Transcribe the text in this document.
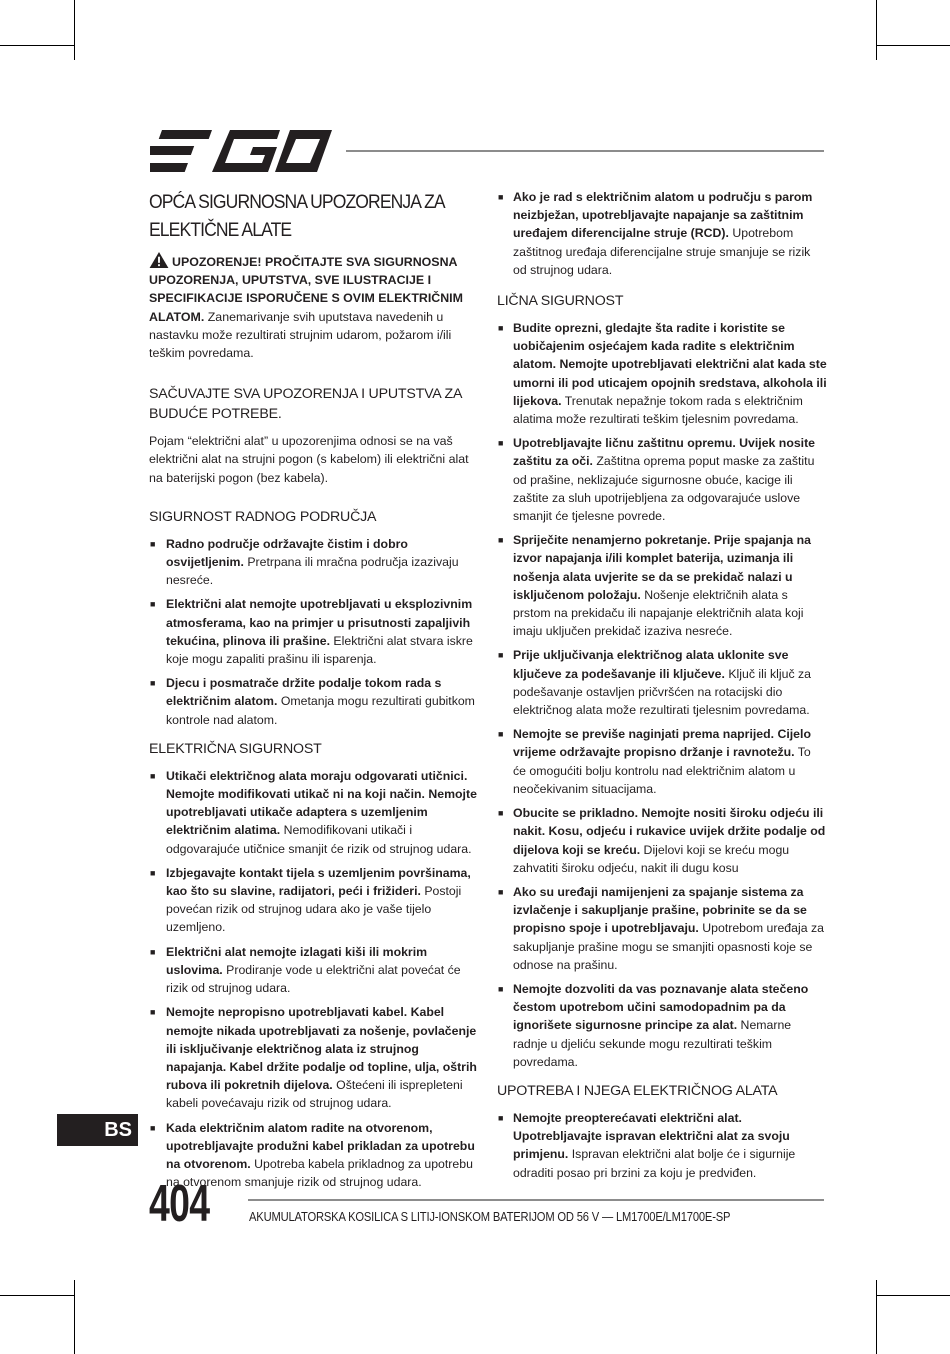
OPĆA SIGURNOSNA UPOZORENJA ZA ELEKTIČNE ALATE

UPOZORENJE! PROČITAJTE SVA SIGURNOSNA UPOZORENJA, UPUTSTVA, SVE ILUSTRACIJE I SPECIFIKACIJE ISPORUČENE S OVIM ELEKTRIČNIM ALATOM. Zanemarivanje svih uputstava navedenih u nastavku može rezultirati strujnim udarom, požarom i/ili teškim povredama.

SAČUVAJTE SVA UPOZORENJA I UPUTSTVA ZA BUDUĆE POTREBE.

Pojam “električni alat” u upozorenjima odnosi se na vaš električni alat na strujni pogon (s kabelom) ili električni alat na baterijski pogon (bez kabela).

SIGURNOST RADNOG PODRUČJA
■ Radno područje održavajte čistim i dobro osvijetljenim. Pretrpana ili mračna područja izazivaju nesreće.
■ Električni alat nemojte upotrebljavati u eksplozivnim atmosferama, kao na primjer u prisutnosti zapaljivih tekućina, plinova ili prašine. Električni alat stvara iskre koje mogu zapaliti prašinu ili isparenja.
■ Djecu i posmatrače držite podalje tokom rada s električnim alatom. Ometanja mogu rezultirati gubitkom kontrole nad alatom.
ELEKTRIČNA SIGURNOST
■ Utikači električnog alata moraju odgovarati utičnici. Nemojte modifikovati utikač ni na koji način. Nemojte upotrebljavati utikače adaptera s uzemljenim električnim alatima. Nemodifikovani utikači i odgovarajuće utičnice smanjit će rizik od strujnog udara.
■ Izbjegavajte kontakt tijela s uzemljenim površinama, kao što su slavine, radijatori, peći i frižideri. Postoji povećan rizik od strujnog udara ako je vaše tijelo uzemljeno.
■ Električni alat nemojte izlagati kiši ili mokrim uslovima. Prodiranje vode u električni alat povećat će rizik od strujnog udara.
■ Nemojte nepropisno upotrebljavati kabel. Kabel nemojte nikada upotrebljavati za nošenje, povlačenje ili isključivanje električnog alata iz strujnog napajanja. Kabel držite podalje od topline, ulja, oštrih rubova ili pokretnih dijelova. Oštećeni ili isprepleteni kabeli povećavaju rizik od strujnog udara.
■ Kada električnim alatom radite na otvorenom, upotrebljavajte produžni kabel prikladan za upotrebu na otvorenom. Upotreba kabela prikladnog za upotrebu na otvorenom smanjuje rizik od strujnog udara.
■ Ako je rad s električnim alatom u području s parom neizbježan, upotrebljavajte napajanje sa zaštitnim uređajem diferencijalne struje (RCD). Upotrebom zaštitnog uređaja diferencijalne struje smanjuje se rizik od strujnog udara.
LIČNA SIGURNOST
■ Budite oprezni, gledajte šta radite i koristite se uobičajenim osjećajem kada radite s električnim alatom. Nemojte upotrebljavati električni alat kada ste umorni ili pod uticajem opojnih sredstava, alkohola ili lijekova. Trenutak nepažnje tokom rada s električnim alatima može rezultirati teškim tjelesnim povredama.
■ Upotrebljavajte ličnu zaštitnu opremu. Uvijek nosite zaštitu za oči. Zaštitna oprema poput maske za zaštitu od prašine, neklizajuće sigurnosne obuće, kacige ili zaštite za sluh upotrijebljena za odgovarajuće uslove smanjit će tjelesne povrede.
■ Spriječite nenamjerno pokretanje. Prije spajanja na izvor napajanja i/ili komplet baterija, uzimanja ili nošenja alata uvjerite se da se prekidač nalazi u isključenom položaju. Nošenje električnih alata s prstom na prekidaču ili napajanje električnih alata koji imaju uključen prekidač izaziva nesreće.
■ Prije uključivanja električnog alata uklonite sve ključeve za podešavanje ili ključeve. Ključ ili ključ za podešavanje ostavljen pričvršćen na rotacijski dio električnog alata može rezultirati tjelesnim povredama.
■ Nemojte se previše naginjati prema naprijed. Cijelo vrijeme održavajte propisno držanje i ravnotežu. To će omogućiti bolju kontrolu nad električnim alatom u neočekivanim situacijama.
■ Obucite se prikladno. Nemojte nositi široku odjeću ili nakit. Kosu, odjeću i rukavice uvijek držite podalje od dijelova koji se kreću. Dijelovi koji se kreću mogu zahvatiti široku odjeću, nakit ili dugu kosu
■ Ako su uređaji namijenjeni za spajanje sistema za izvlačenje i sakupljanje prašine, pobrinite se da se propisno spoje i upotrebljavaju. Upotrebom uređaja za sakupljanje prašine mogu se smanjiti opasnosti koje se odnose na prašinu.
■ Nemojte dozvoliti da vas poznavanje alata stečeno čestom upotrebom učini samodopadnim pa da ignorišete sigurnosne principe za alat. Nemarne radnje u djeliću sekunde mogu rezultirati teškim povredama.
UPOTREBA I NJEGA ELEKTRIČNOG ALATA
■ Nemojte preopterećavati električni alat. Upotrebljavajte ispravan električni alat za svoju primjenu. Ispravan električni alat bolje će i sigurnije odraditi posao pri brzini za koju je predviđen.
BS
404	AKUMULATORSKA KOSILICA S LITIJ-IONSKOM BATERIJOM OD 56 V — LM1700E/LM1700E-SP
